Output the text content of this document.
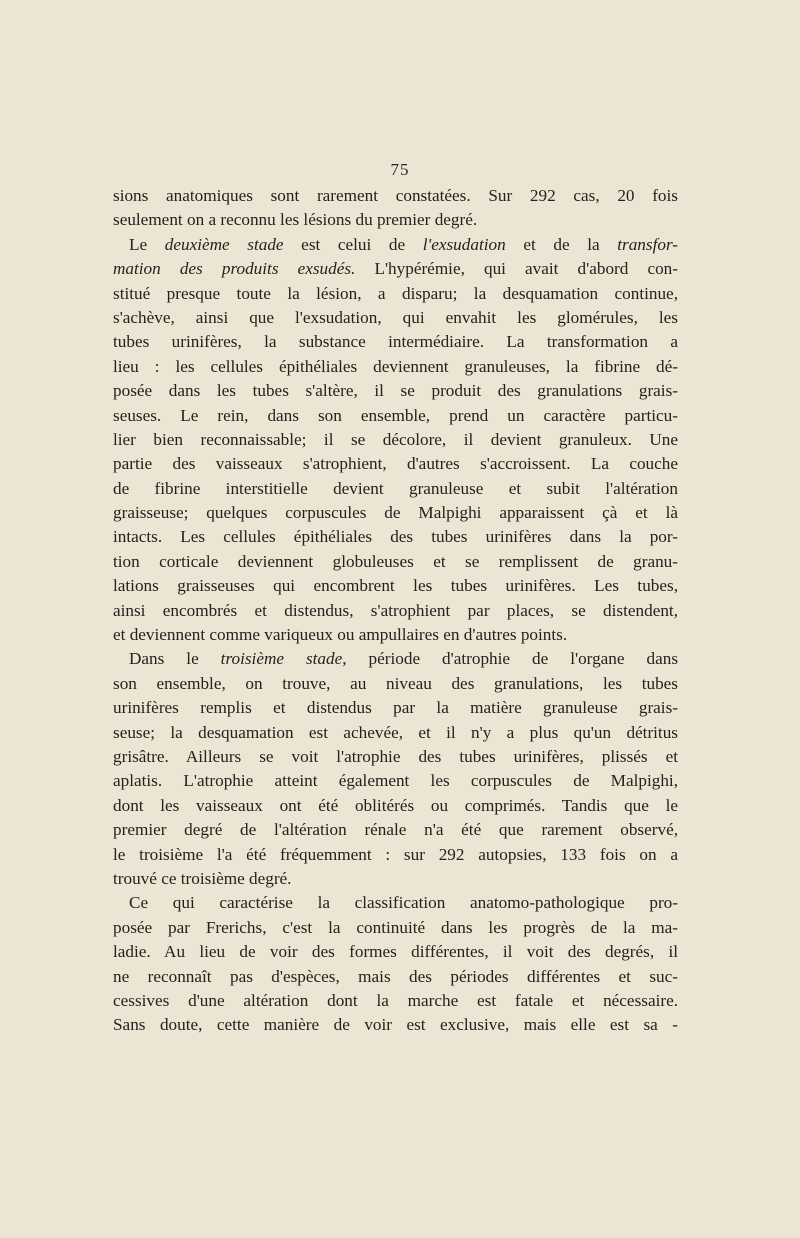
75
sions anatomiques sont rarement constatées. Sur 292 cas, 20 fois
seulement on a reconnu les lésions du premier degré.
Le deuxième stade est celui de l'exsudation et de la transfor-
mation des produits exsudés. L'hypérémie, qui avait d'abord con-
stitué presque toute la lésion, a disparu; la desquamation continue,
s'achève, ainsi que l'exsudation, qui envahit les glomérules, les
tubes urinifères, la substance intermédiaire. La transformation a
lieu : les cellules épithéliales deviennent granuleuses, la fibrine dé-
posée dans les tubes s'altère, il se produit des granulations grais-
seuses. Le rein, dans son ensemble, prend un caractère particu-
lier bien reconnaissable; il se décolore, il devient granuleux. Une
partie des vaisseaux s'atrophient, d'autres s'accroissent. La couche
de fibrine interstitielle devient granuleuse et subit l'altération
graisseuse; quelques corpuscules de Malpighi apparaissent çà et là
intacts. Les cellules épithéliales des tubes urinifères dans la por-
tion corticale deviennent globuleuses et se remplissent de granu-
lations graisseuses qui encombrent les tubes urinifères. Les tubes,
ainsi encombrés et distendus, s'atrophient par places, se distendent,
et deviennent comme variqueux ou ampullaires en d'autres points.
Dans le troisième stade, période d'atrophie de l'organe dans
son ensemble, on trouve, au niveau des granulations, les tubes
urinifères remplis et distendus par la matière granuleuse grais-
seuse; la desquamation est achevée, et il n'y a plus qu'un détritus
grisâtre. Ailleurs se voit l'atrophie des tubes urinifères, plissés et
aplatis. L'atrophie atteint également les corpuscules de Malpighi,
dont les vaisseaux ont été oblitérés ou comprimés. Tandis que le
premier degré de l'altération rénale n'a été que rarement observé,
le troisième l'a été fréquemment : sur 292 autopsies, 133 fois on a
trouvé ce troisième degré.
Ce qui caractérise la classification anatomo-pathologique pro-
posée par Frerichs, c'est la continuité dans les progrès de la ma-
ladie. Au lieu de voir des formes différentes, il voit des degrés, il
ne reconnaît pas d'espèces, mais des périodes différentes et suc-
cessives d'une altération dont la marche est fatale et nécessaire.
Sans doute, cette manière de voir est exclusive, mais elle est sa -
